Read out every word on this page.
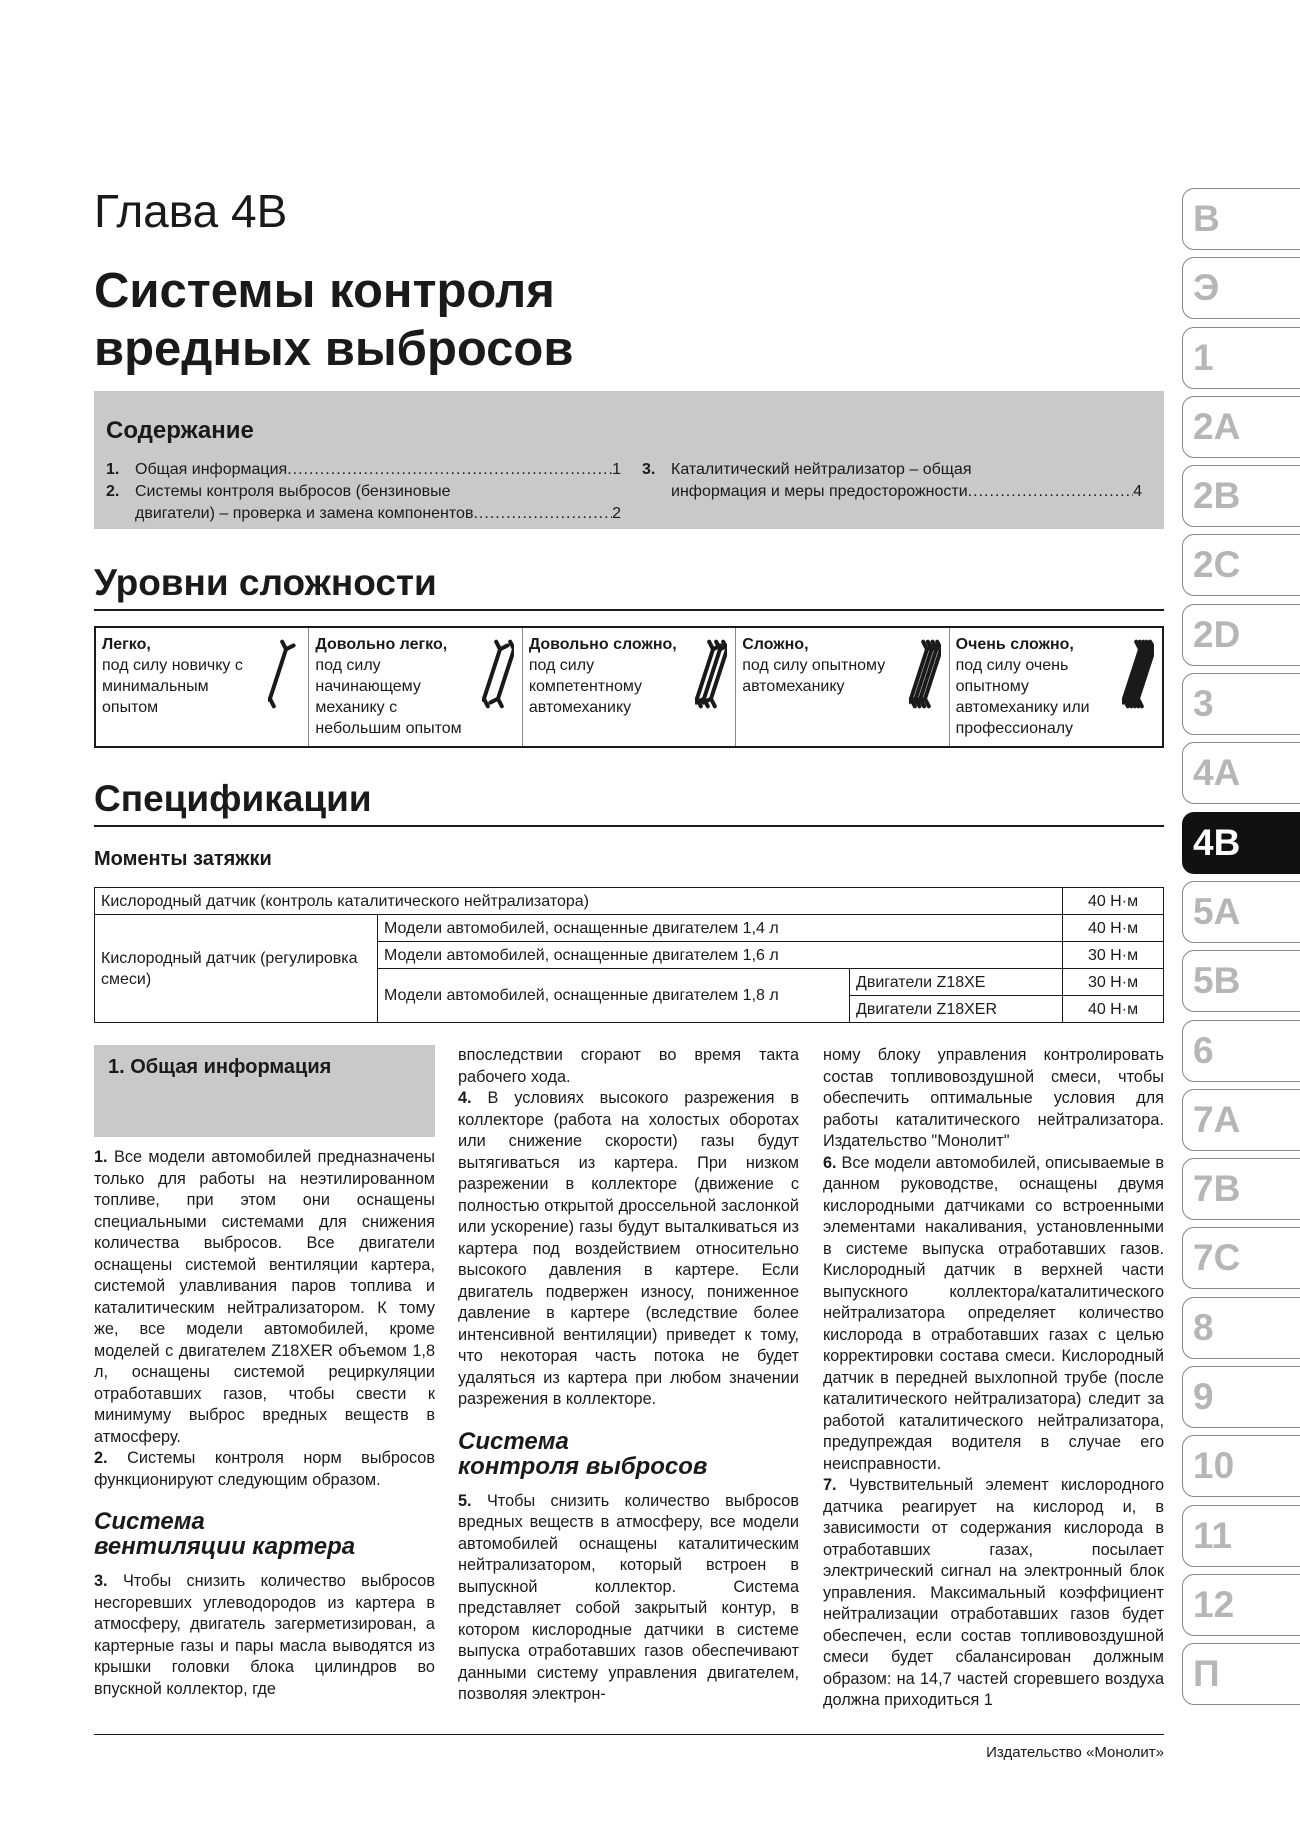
Глава 4В
Системы контроля
вредных выбросов
Содержание
1. Общая информация .....	1
2. Системы контроля выбросов (бензиновые
двигатели) – проверка и замена компонентов .....	2
3. Каталитический нейтрализатор – общая
информация и меры предосторожности .....	4
Уровни сложности
Легко,
под силу новичку с минимальным опытом
Довольно легко,
под силу начинающему механику с небольшим опытом
Довольно сложно,
под силу компетентному автомеханику
Сложно,
под силу опытному автомеханику
Очень сложно,
под силу очень опытному автомеханику или профессионалу
Спецификации
Моменты затяжки
Кислородный датчик (контроль каталитического нейтрализатора)			40 Н·м
Кислородный датчик (регулировка смеси)	Модели автомобилей, оснащенные двигателем 1,4 л		40 Н·м
	Модели автомобилей, оснащенные двигателем 1,6 л		30 Н·м
	Модели автомобилей, оснащенные двигателем 1,8 л	Двигатели Z18XE	30 Н·м
		Двигатели Z18XER	40 Н·м
1. Общая информация

1. Все модели автомобилей предназначены только для работы на неэтилированном топливе, при этом они оснащены специальными системами для снижения количества выбросов. Все двигатели оснащены системой вентиляции картера, системой улавливания паров топлива и каталитическим нейтрализатором. К тому же, все модели автомобилей, кроме моделей с двигателем Z18XER объемом 1,8 л, оснащены системой рециркуляции отработавших газов, чтобы свести к минимуму выброс вредных веществ в атмосферу.

2. Системы контроля норм выбросов функционируют следующим образом.

Система
вентиляции картера

3. Чтобы снизить количество выбросов несгоревших углеводородов из картера в атмосферу, двигатель загерметизирован, а картерные газы и пары масла выводятся из крышки головки блока цилиндров во впускной коллектор, где

впоследствии сгорают во время такта рабочего хода.

4. В условиях высокого разрежения в коллекторе (работа на холостых оборотах или снижение скорости) газы будут вытягиваться из картера. При низком разрежении в коллекторе (движение с полностью открытой дроссельной заслонкой или ускорение) газы будут выталкиваться из картера под воздействием относительно высокого давления в картере. Если двигатель подвержен износу, пониженное давление в картере (вследствие более интенсивной вентиляции) приведет к тому, что некоторая часть потока не будет удаляться из картера при любом значении разрежения в коллекторе.

Система
контроля выбросов

5. Чтобы снизить количество выбросов вредных веществ в атмосферу, все модели автомобилей оснащены каталитическим нейтрализатором, который встроен в выпускной коллектор. Система представляет собой закрытый контур, в котором кислородные датчики в системе выпуска отработавших газов обеспечивают данными систему управления двигателем, позволяя электрон-

ному блоку управления контролировать состав топливовоздушной смеси, чтобы обеспечить оптимальные условия для работы каталитического нейтрализатора. Издательство "Монолит"

6. Все модели автомобилей, описываемые в данном руководстве, оснащены двумя кислородными датчиками со встроенными элементами накаливания, установленными в системе выпуска отработавших газов. Кислородный датчик в верхней части выпускного коллектора/каталитического нейтрализатора определяет количество кислорода в отработавших газах с целью корректировки состава смеси. Кислородный датчик в передней выхлопной трубе (после каталитического нейтрализатора) следит за работой каталитического нейтрализатора, предупреждая водителя в случае его неисправности.

7. Чувствительный элемент кислородного датчика реагирует на кислород и, в зависимости от содержания кислорода в отработавших газах, посылает электрический сигнал на электронный блок управления. Максимальный коэффициент нейтрализации отработавших газов будет обеспечен, если состав топливовоздушной смеси будет сбалансирован должным образом: на 14,7 частей сгоревшего воздуха должна приходиться 1

Издательство «Монолит»
В
Э
1
2А
2В
2С
2D
3
4А
4В
5А
5В
6
7А
7В
7С
8
9
10
11
12
П
